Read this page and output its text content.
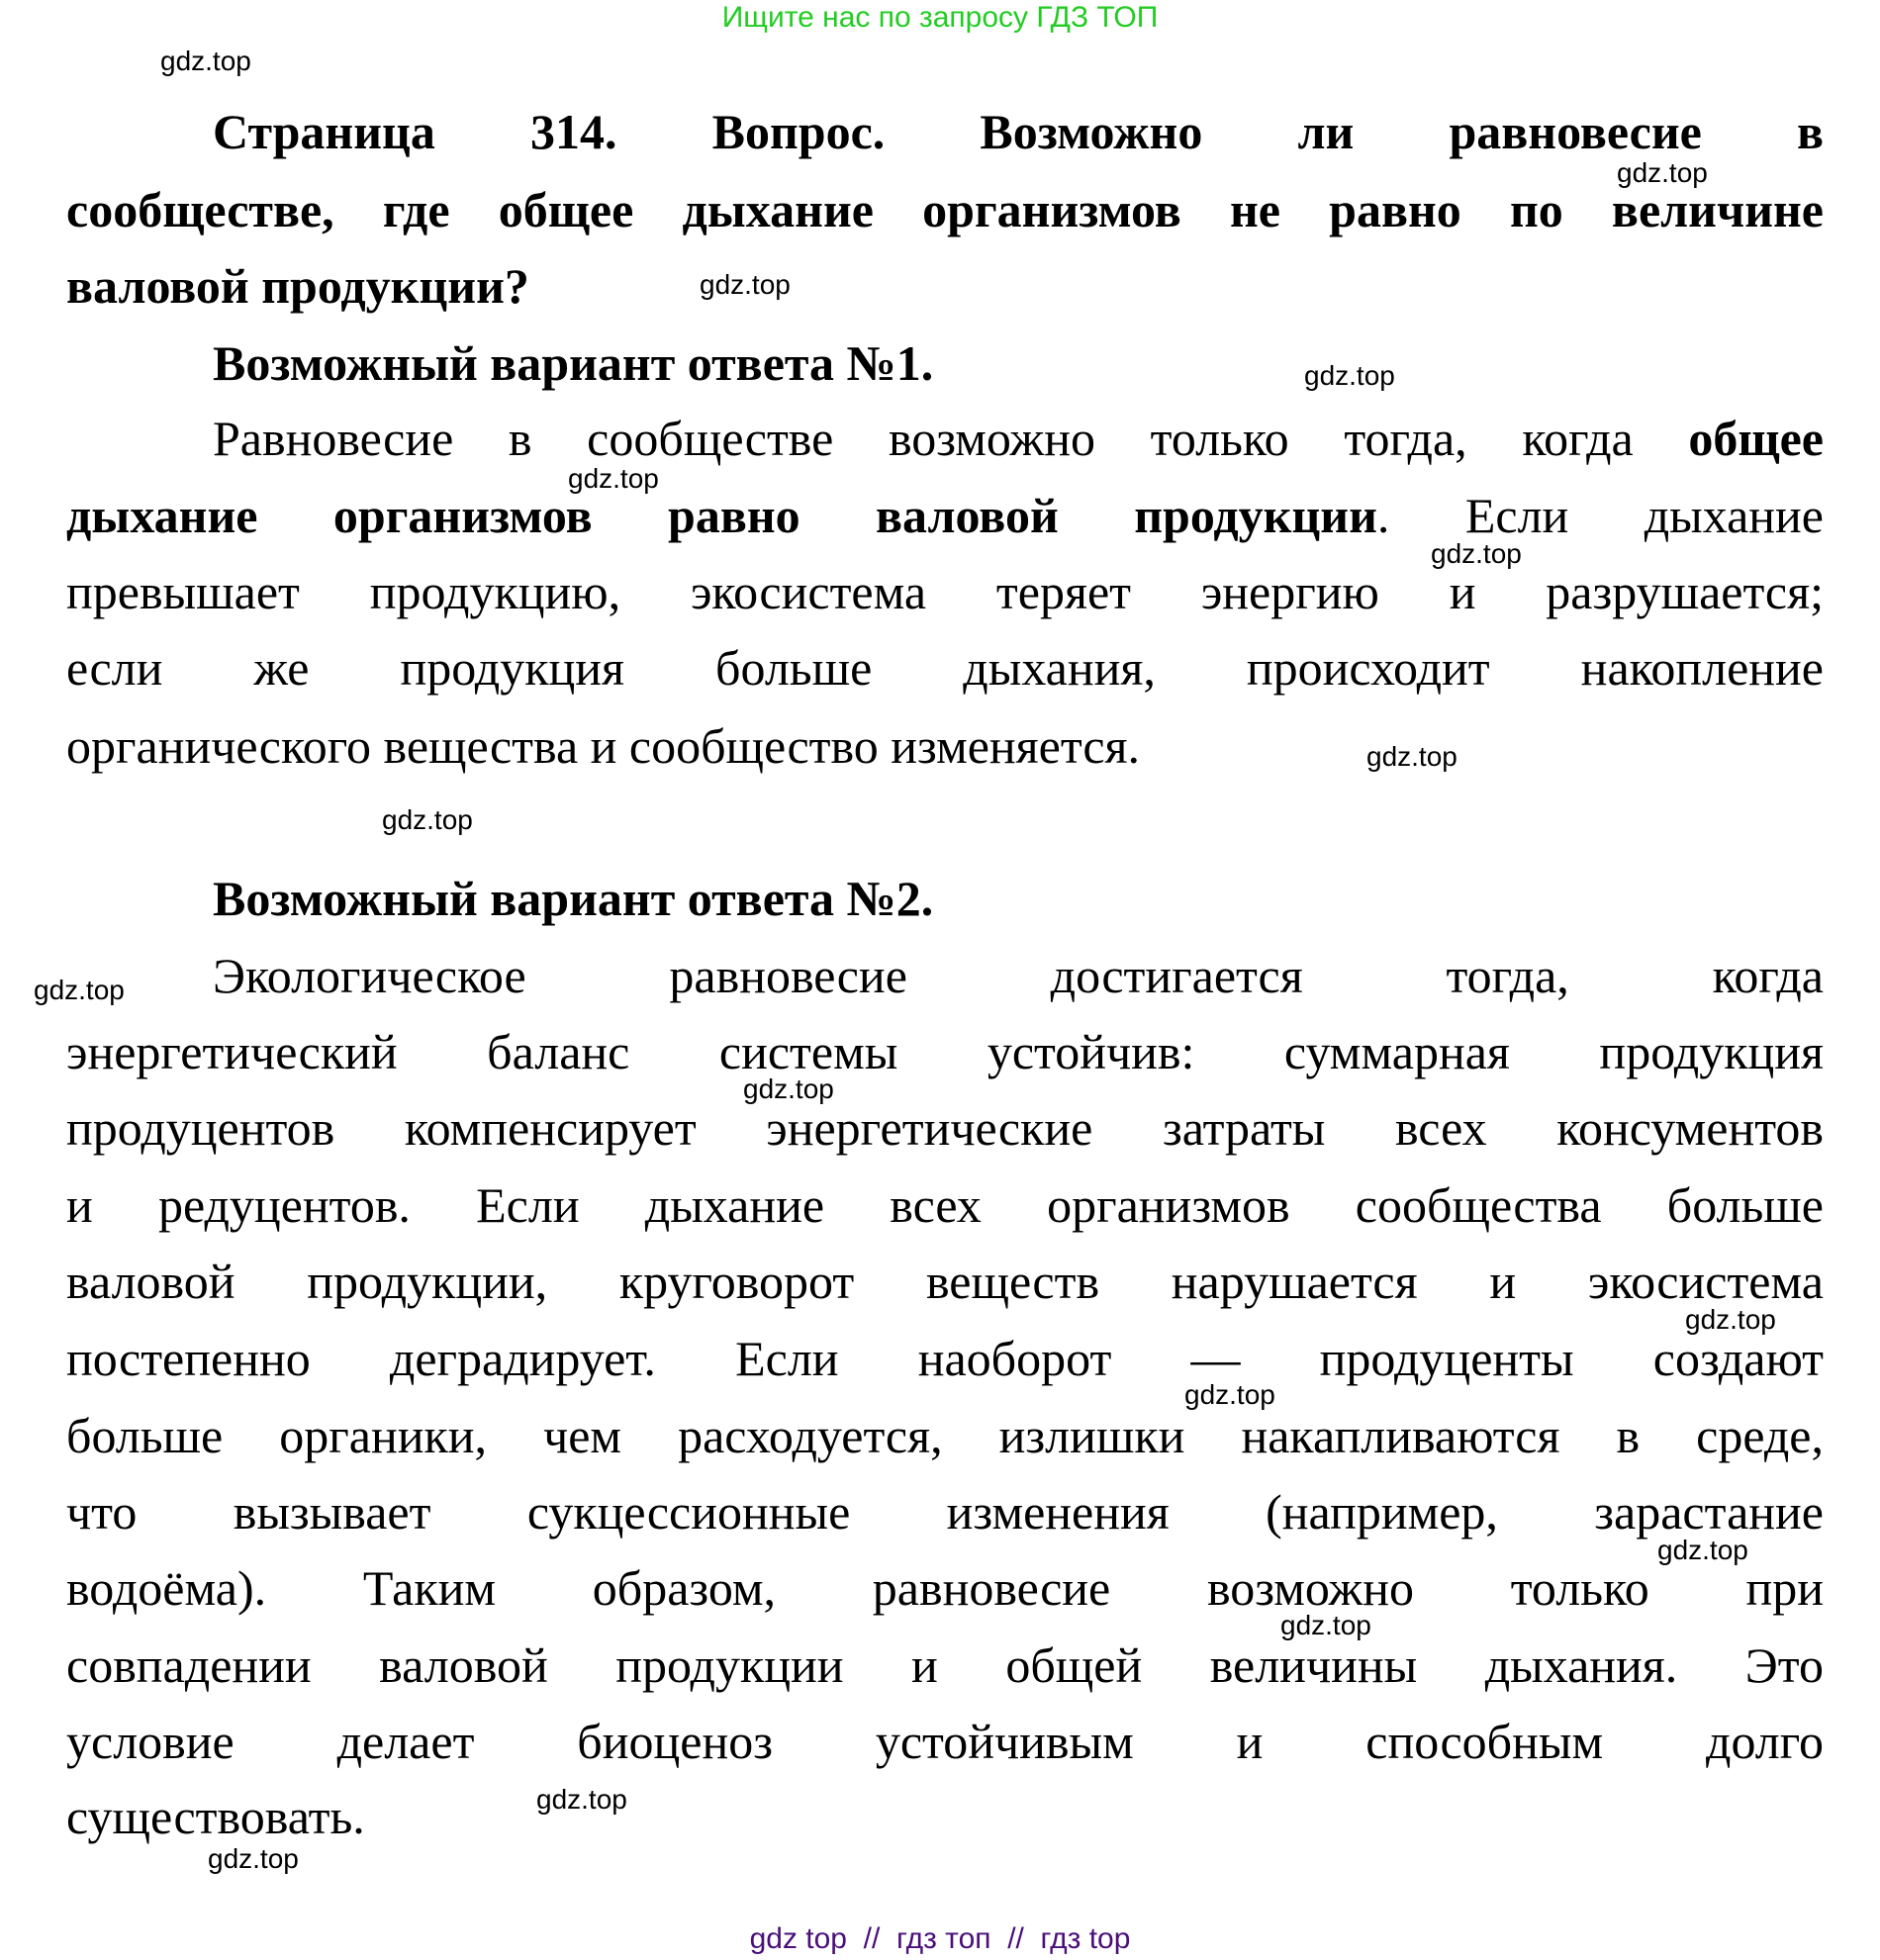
Ищите нас по запросу ГДЗ ТОП
Страница 314. Вопрос. Возможно ли равновесие в
сообществе, где общее дыхание организмов не равно по величине
валовой продукции?
Возможный вариант ответа №1.
Равновесие в сообществе возможно только тогда, когда общее
дыхание организмов равно валовой продукции. Если дыхание
превышает продукцию, экосистема теряет энергию и разрушается;
если же продукция больше дыхания, происходит накопление
органического вещества и сообщество изменяется.
Возможный вариант ответа №2.
Экологическое равновесие достигается тогда, когда
энергетический баланс системы устойчив: суммарная продукция
продуцентов компенсирует энергетические затраты всех консументов
и редуцентов. Если дыхание всех организмов сообщества больше
валовой продукции, круговорот веществ нарушается и экосистема
постепенно деградирует. Если наоборот — продуценты создают
больше органики, чем расходуется, излишки накапливаются в среде,
что вызывает сукцессионные изменения (например, зарастание
водоёма). Таким образом, равновесие возможно только при
совпадении валовой продукции и общей величины дыхания. Это
условие делает биоценоз устойчивым и способным долго
существовать.
gdz top  //  гдз топ  //  гдз top
gdz.top
gdz.top
gdz.top
gdz.top
gdz.top
gdz.top
gdz.top
gdz.top
gdz.top
gdz.top
gdz.top
gdz.top
gdz.top
gdz.top
gdz.top
gdz.top
